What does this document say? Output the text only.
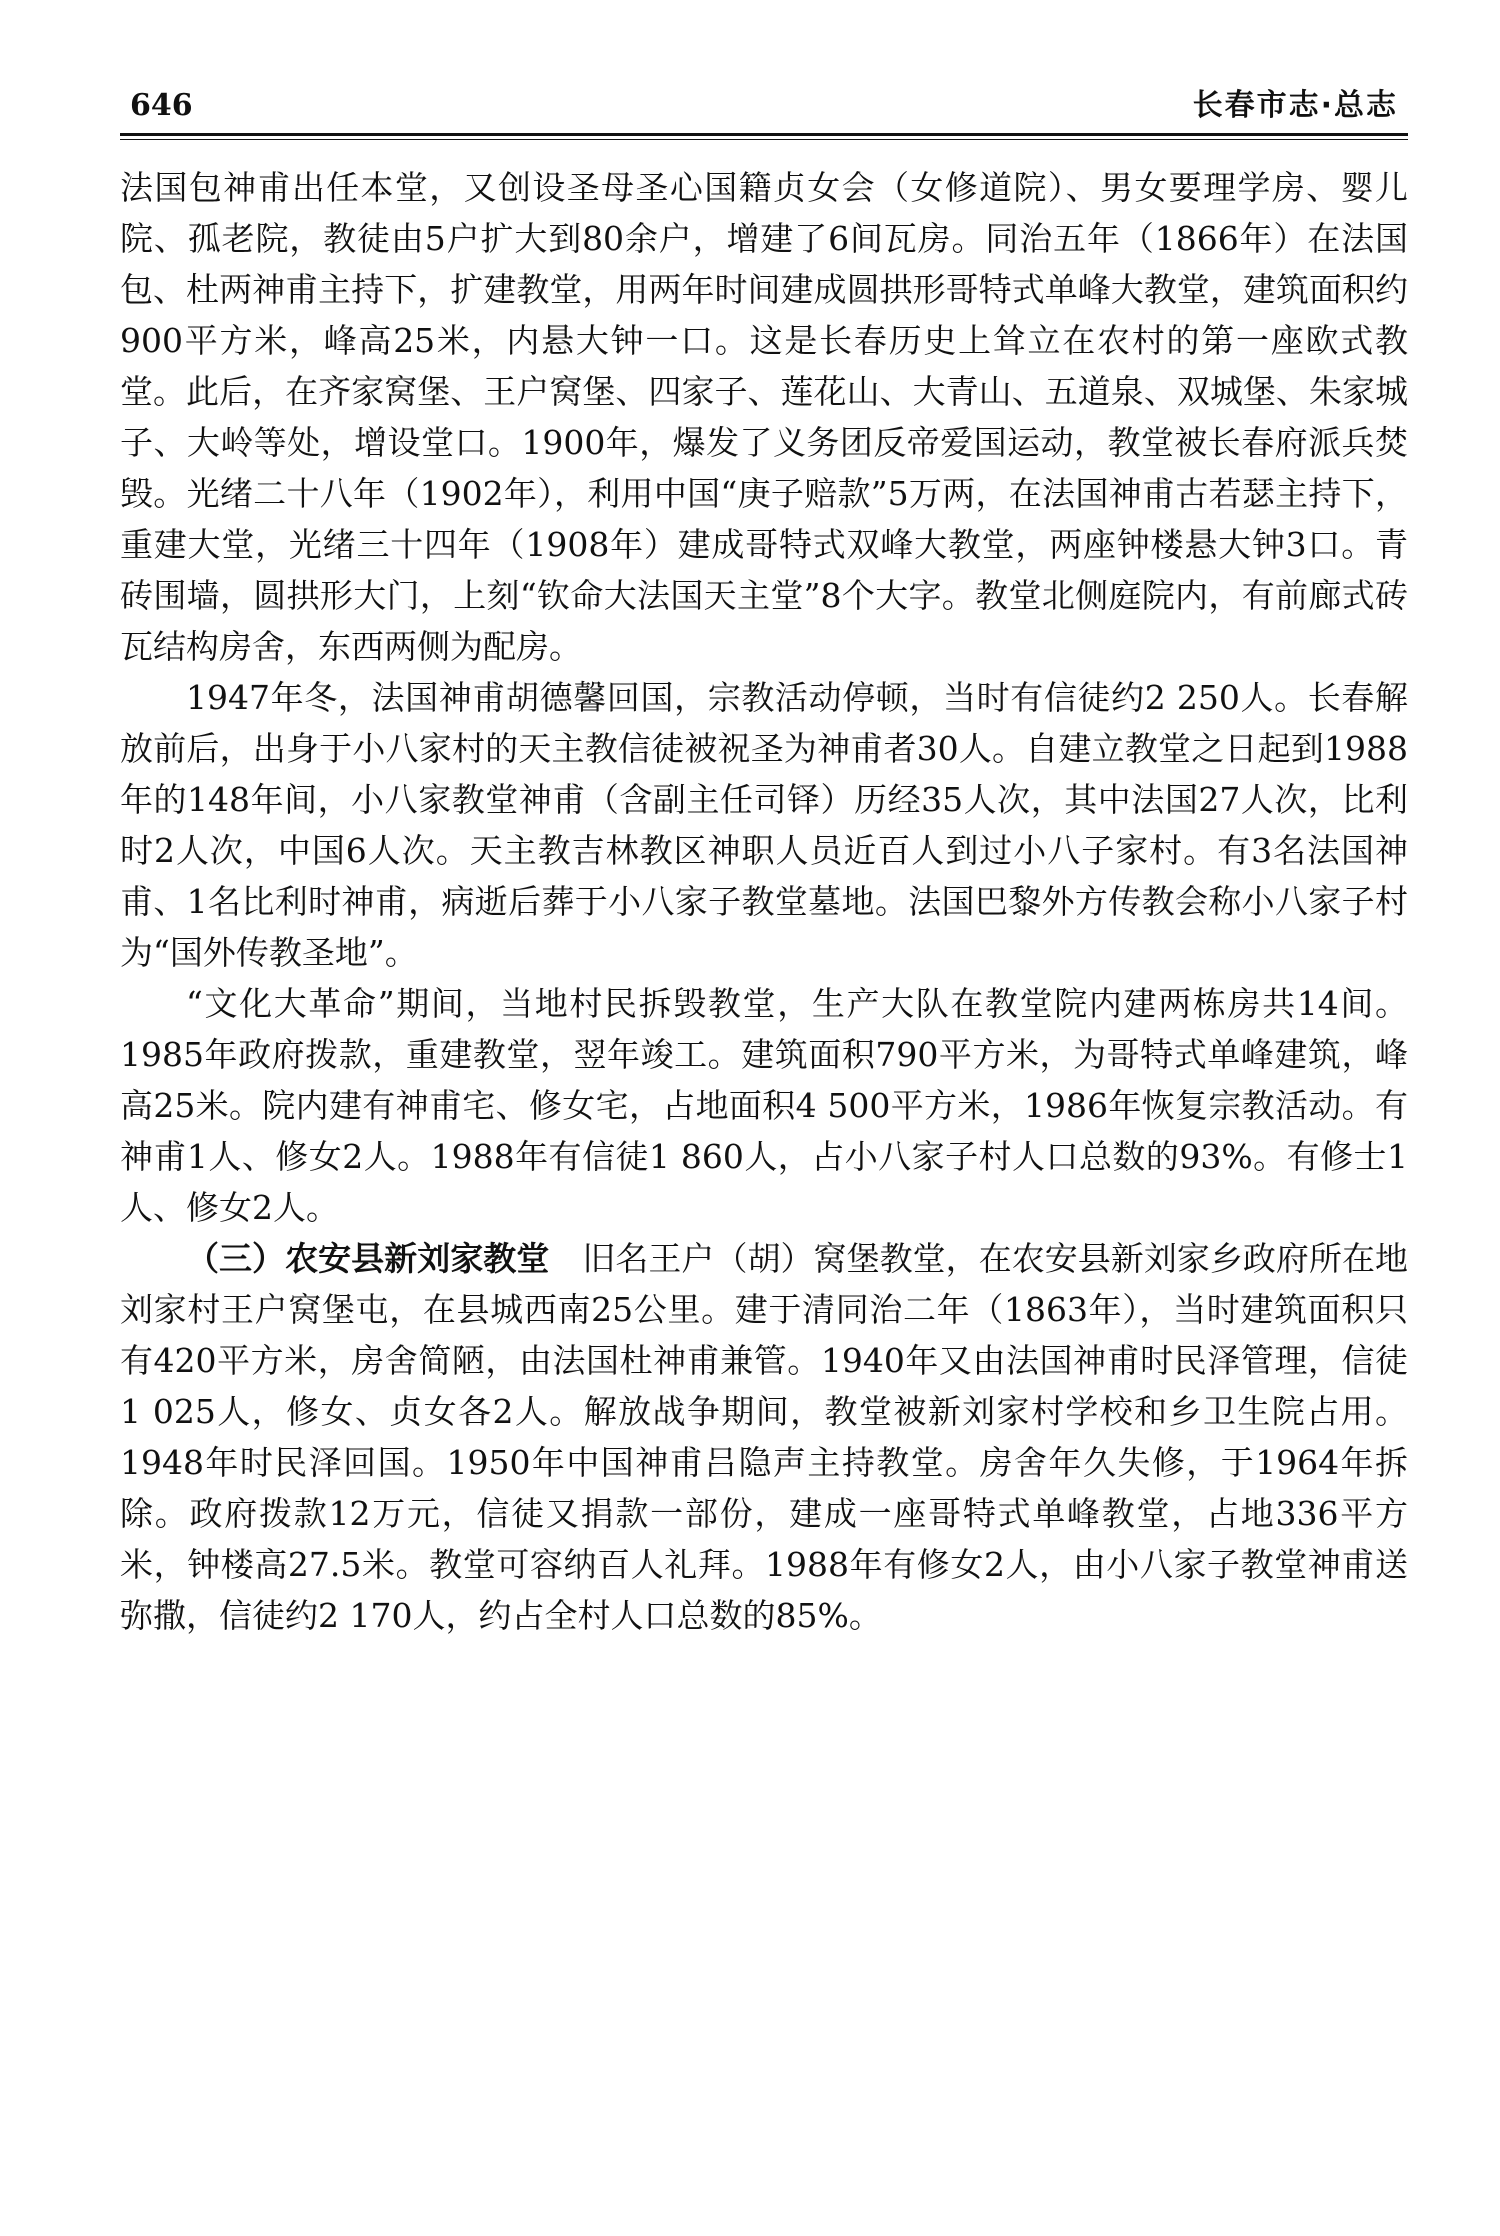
646	长春市志·总志

法国包神甫出任本堂，又创设圣母圣心国籍贞女会（女修道院）、男女要理学房、婴儿院、孤老院，教徒由5户扩大到80余户，增建了6间瓦房。同治五年（1866年）在法国包、杜两神甫主持下，扩建教堂，用两年时间建成圆拱形哥特式单峰大教堂，建筑面积约900平方米，峰高25米，内悬大钟一口。这是长春历史上耸立在农村的第一座欧式教堂。此后，在齐家窝堡、王户窝堡、四家子、莲花山、大青山、五道泉、双城堡、朱家城子、大岭等处，增设堂口。1900年，爆发了义务团反帝爱国运动，教堂被长春府派兵焚毁。光绪二十八年（1902年），利用中国“庚子赔款”5万两，在法国神甫古若瑟主持下，重建大堂，光绪三十四年（1908年）建成哥特式双峰大教堂，两座钟楼悬大钟3口。青砖围墙，圆拱形大门，上刻“钦命大法国天主堂”8个大字。教堂北侧庭院内，有前廊式砖瓦结构房舍，东西两侧为配房。

1947年冬，法国神甫胡德馨回国，宗教活动停顿，当时有信徒约2 250人。长春解放前后，出身于小八家村的天主教信徒被祝圣为神甫者30人。自建立教堂之日起到1988年的148年间，小八家教堂神甫（含副主任司铎）历经35人次，其中法国27人次，比利时2人次，中国6人次。天主教吉林教区神职人员近百人到过小八子家村。有3名法国神甫、1名比利时神甫，病逝后葬于小八家子教堂墓地。法国巴黎外方传教会称小八家子村为“国外传教圣地”。

“文化大革命”期间，当地村民拆毁教堂，生产大队在教堂院内建两栋房共14间。1985年政府拨款，重建教堂，翌年竣工。建筑面积790平方米，为哥特式单峰建筑，峰高25米。院内建有神甫宅、修女宅，占地面积4 500平方米，1986年恢复宗教活动。有神甫1人、修女2人。1988年有信徒1 860人，占小八家子村人口总数的93%。有修士1人、修女2人。

（三）农安县新刘家教堂　 旧名王户（胡）窝堡教堂，在农安县新刘家乡政府所在地刘家村王户窝堡屯，在县城西南25公里。建于清同治二年（1863年），当时建筑面积只有420平方米，房舍简陋，由法国杜神甫兼管。1940年又由法国神甫时民泽管理，信徒1 025人，修女、贞女各2人。解放战争期间，教堂被新刘家村学校和乡卫生院占用。1948年时民泽回国。1950年中国神甫吕隐声主持教堂。房舍年久失修，于1964年拆除。政府拨款12万元，信徒又捐款一部份，建成一座哥特式单峰教堂，占地336平方米，钟楼高27.5米。教堂可容纳百人礼拜。1988年有修女2人，由小八家子教堂神甫送弥撒，信徒约2 170人，约占全村人口总数的85%。
